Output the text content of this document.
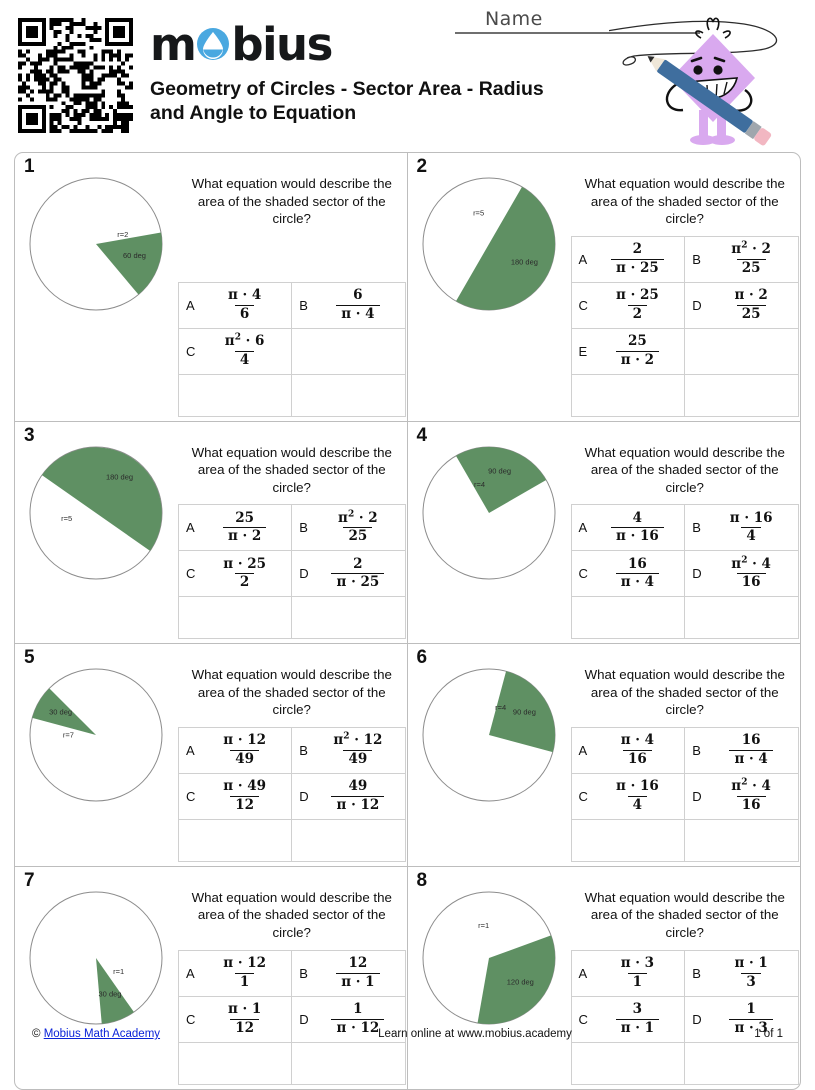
m bius
Geometry of Circles - Sector Area - Radius and Angle to Equation
Name
1
60 deg
r=2
What equation would describe the area of the shaded sector of the circle?
A $\frac{\pi \cdot 4}{6}$	B $\frac{6}{\pi \cdot 4}$

C $\frac{\pi^2 \cdot 6}{4}$

2
180 deg
r=5
What equation would describe the area of the shaded sector of the circle?
A $\frac{2}{\pi \cdot 25}$	B $\frac{\pi^2 \cdot 2}{25}$

C $\frac{\pi \cdot 25}{2}$	D $\frac{\pi \cdot 2}{25}$

E $\frac{25}{\pi \cdot 2}$

3
180 deg
r=5
What equation would describe the area of the shaded sector of the circle?
A $\frac{25}{\pi \cdot 2}$	B $\frac{\pi^2 \cdot 2}{25}$

C $\frac{\pi \cdot 25}{2}$	D $\frac{2}{\pi \cdot 25}$

4
90 deg
r=4
What equation would describe the area of the shaded sector of the circle?
A $\frac{4}{\pi \cdot 16}$	B $\frac{\pi \cdot 16}{4}$

C $\frac{16}{\pi \cdot 4}$	D $\frac{\pi^2 \cdot 4}{16}$

5
30 deg
r=7
What equation would describe the area of the shaded sector of the circle?
A $\frac{\pi \cdot 12}{49}$	B $\frac{\pi^2 \cdot 12}{49}$

C $\frac{\pi \cdot 49}{12}$	D $\frac{49}{\pi \cdot 12}$

6
90 deg
r=4
What equation would describe the area of the shaded sector of the circle?
A $\frac{\pi \cdot 4}{16}$	B $\frac{16}{\pi \cdot 4}$

C $\frac{\pi \cdot 16}{4}$	D $\frac{\pi^2 \cdot 4}{16}$

7
30 deg
r=1
What equation would describe the area of the shaded sector of the circle?
A $\frac{\pi \cdot 12}{1}$	B $\frac{12}{\pi \cdot 1}$

C $\frac{\pi \cdot 1}{12}$	D $\frac{1}{\pi \cdot 12}$

8
120 deg
r=1
What equation would describe the area of the shaded sector of the circle?
A $\frac{\pi \cdot 3}{1}$	B $\frac{\pi \cdot 1}{3}$

C $\frac{3}{\pi \cdot 1}$	D $\frac{1}{\pi \cdot 3}$

© Mobius Math Academy	Learn online at www.mobius.academy	1 of 1
